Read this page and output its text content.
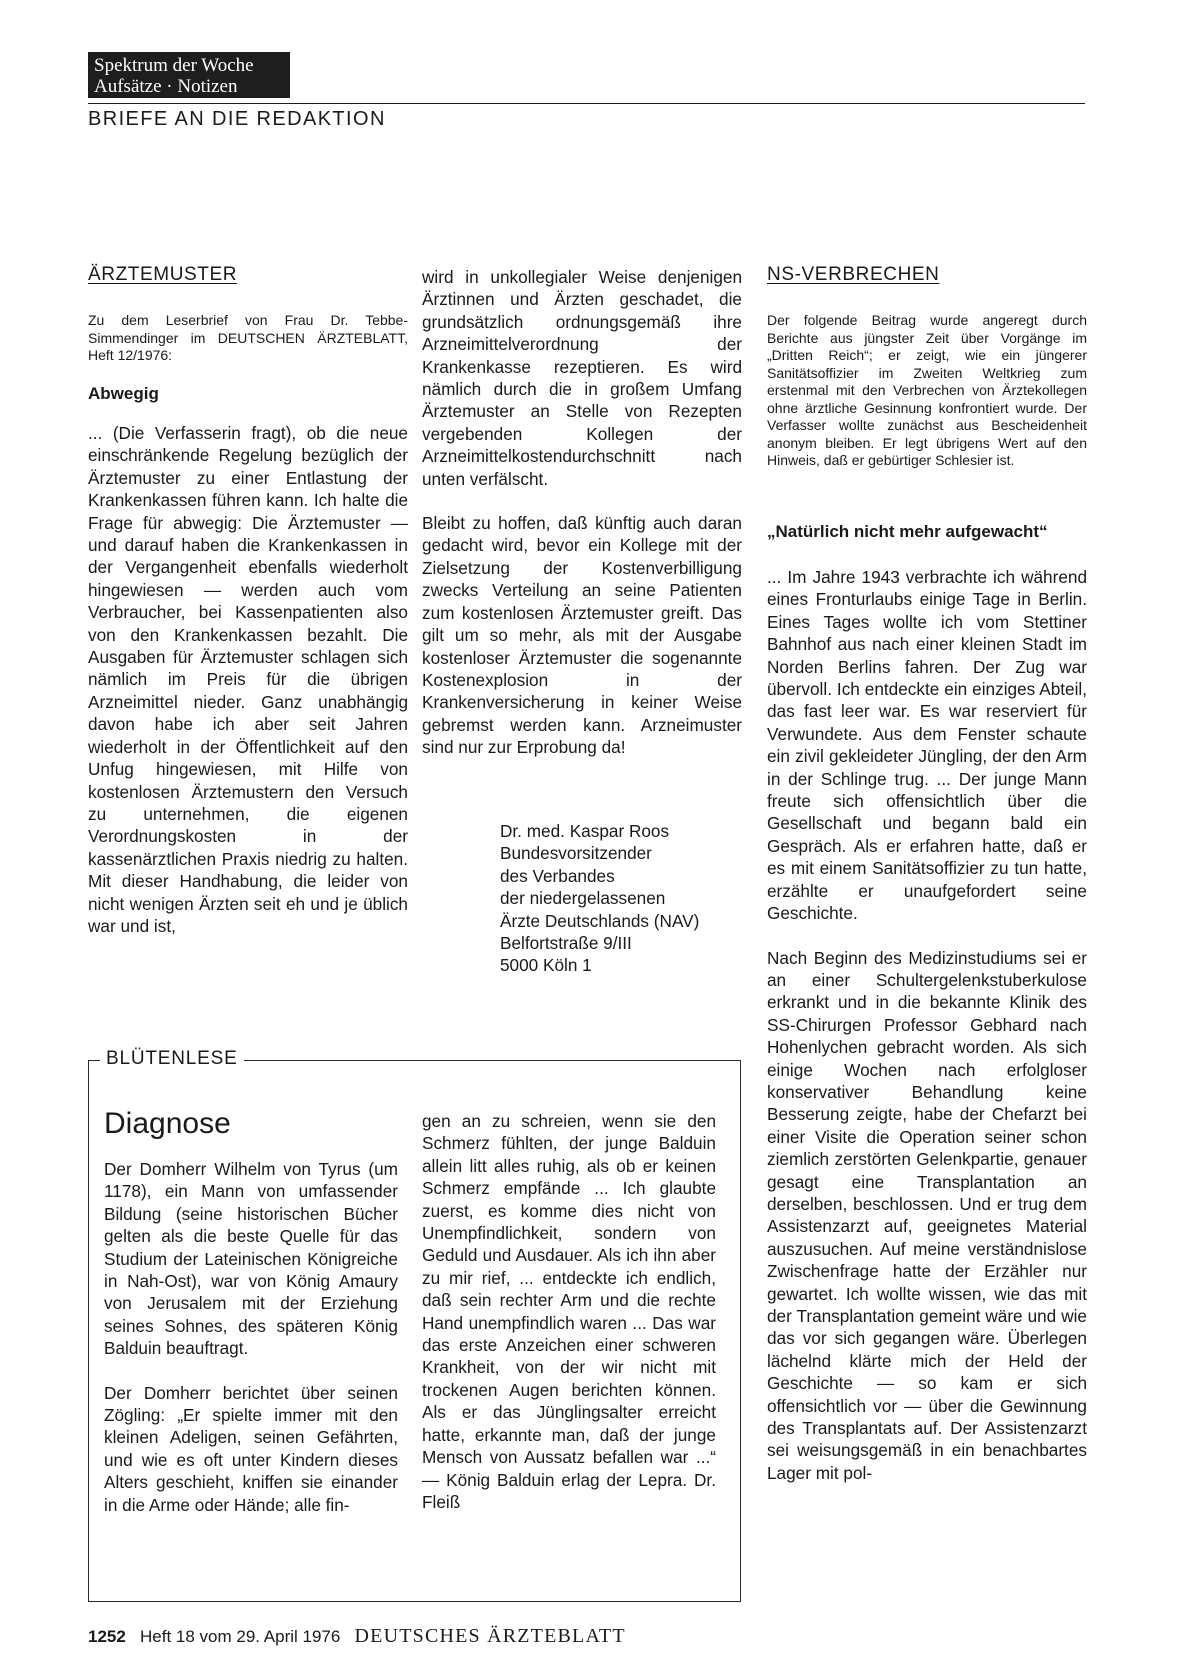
Spektrum der Woche
Aufsätze · Notizen
BRIEFE AN DIE REDAKTION
ÄRZTEMUSTER
Zu dem Leserbrief von Frau Dr. Tebbe-Simmendinger im DEUTSCHEN ÄRZTEBLATT, Heft 12/1976:
Abwegig

... (Die Verfasserin fragt), ob die neue einschränkende Regelung bezüglich der Ärztemuster zu einer Entlastung der Krankenkassen führen kann. Ich halte die Frage für abwegig: Die Ärztemuster — und darauf haben die Krankenkassen in der Vergangenheit ebenfalls wiederholt hingewiesen — werden auch vom Verbraucher, bei Kassenpatienten also von den Krankenkassen bezahlt. Die Ausgaben für Ärztemuster schlagen sich nämlich im Preis für die übrigen Arzneimittel nieder. Ganz unabhängig davon habe ich aber seit Jahren wiederholt in der Öffentlichkeit auf den Unfug hingewiesen, mit Hilfe von kostenlosen Ärztemustern den Versuch zu unternehmen, die eigenen Verordnungskosten in der kassenärztlichen Praxis niedrig zu halten. Mit dieser Handhabung, die leider von nicht wenigen Ärzten seit eh und je üblich war und ist,

wird in unkollegialer Weise denjenigen Ärztinnen und Ärzten geschadet, die grundsätzlich ordnungsgemäß ihre Arzneimittelverordnung der Krankenkasse rezeptieren. Es wird nämlich durch die in großem Umfang Ärztemuster an Stelle von Rezepten vergebenden Kollegen der Arzneimittelkostendurchschnitt nach unten verfälscht.

Bleibt zu hoffen, daß künftig auch daran gedacht wird, bevor ein Kollege mit der Zielsetzung der Kostenverbilligung zwecks Verteilung an seine Patienten zum kostenlosen Ärztemuster greift. Das gilt um so mehr, als mit der Ausgabe kostenloser Ärztemuster die sogenannte Kostenexplosion in der Krankenversicherung in keiner Weise gebremst werden kann. Arzneimuster sind nur zur Erprobung da!

Dr. med. Kaspar Roos
Bundesvorsitzender
des Verbandes
der niedergelassenen
Ärzte Deutschlands (NAV)
Belfortstraße 9/III
5000 Köln 1
NS-VERBRECHEN
Der folgende Beitrag wurde angeregt durch Berichte aus jüngster Zeit über Vorgänge im „Dritten Reich“; er zeigt, wie ein jüngerer Sanitätsoffizier im Zweiten Weltkrieg zum erstenmal mit den Verbrechen von Ärztekollegen ohne ärztliche Gesinnung konfrontiert wurde. Der Verfasser wollte zunächst aus Bescheidenheit anonym bleiben. Er legt übrigens Wert auf den Hinweis, daß er gebürtiger Schlesier ist.
„Natürlich nicht mehr aufgewacht“

... Im Jahre 1943 verbrachte ich während eines Fronturlaubs einige Tage in Berlin. Eines Tages wollte ich vom Stettiner Bahnhof aus nach einer kleinen Stadt im Norden Berlins fahren. Der Zug war übervoll. Ich entdeckte ein einziges Abteil, das fast leer war. Es war reserviert für Verwundete. Aus dem Fenster schaute ein zivil gekleideter Jüngling, der den Arm in der Schlinge trug. ... Der junge Mann freute sich offensichtlich über die Gesellschaft und begann bald ein Gespräch. Als er erfahren hatte, daß er es mit einem Sanitätsoffizier zu tun hatte, erzählte er unaufgefordert seine Geschichte.

Nach Beginn des Medizinstudiums sei er an einer Schultergelenkstuberkulose erkrankt und in die bekannte Klinik des SS-Chirurgen Professor Gebhard nach Hohenlychen gebracht worden. Als sich einige Wochen nach erfolgloser konservativer Behandlung keine Besserung zeigte, habe der Chefarzt bei einer Visite die Operation seiner schon ziemlich zerstörten Gelenkpartie, genauer gesagt eine Transplantation an derselben, beschlossen. Und er trug dem Assistenzarzt auf, geeignetes Material auszusuchen. Auf meine verständnislose Zwischenfrage hatte der Erzähler nur gewartet. Ich wollte wissen, wie das mit der Transplantation gemeint wäre und wie das vor sich gegangen wäre. Überlegen lächelnd klärte mich der Held der Geschichte — so kam er sich offensichtlich vor — über die Gewinnung des Transplantats auf. Der Assistenzarzt sei weisungsgemäß in ein benachbartes Lager mit pol-

BLÜTENLESE
Diagnose

Der Domherr Wilhelm von Tyrus (um 1178), ein Mann von umfassender Bildung (seine historischen Bücher gelten als die beste Quelle für das Studium der Lateinischen Königreiche in Nah-Ost), war von König Amaury von Jerusalem mit der Erziehung seines Sohnes, des späteren König Balduin beauftragt.

Der Domherr berichtet über seinen Zögling: „Er spielte immer mit den kleinen Adeligen, seinen Gefährten, und wie es oft unter Kindern dieses Alters geschieht, kniffen sie einander in die Arme oder Hände; alle fin-

gen an zu schreien, wenn sie den Schmerz fühlten, der junge Balduin allein litt alles ruhig, als ob er keinen Schmerz empfände ... Ich glaubte zuerst, es komme dies nicht von Unempfindlichkeit, sondern von Geduld und Ausdauer. Als ich ihn aber zu mir rief, ... entdeckte ich endlich, daß sein rechter Arm und die rechte Hand unempfindlich waren ... Das war das erste Anzeichen einer schweren Krankheit, von der wir nicht mit trockenen Augen berichten können. Als er das Jünglingsalter erreicht hatte, erkannte man, daß der junge Mensch von Aussatz befallen war ...“ — König Balduin erlag der Lepra. Dr. Fleiß

1252 Heft 18 vom 29. April 1976 DEUTSCHES ÄRZTEBLATT
